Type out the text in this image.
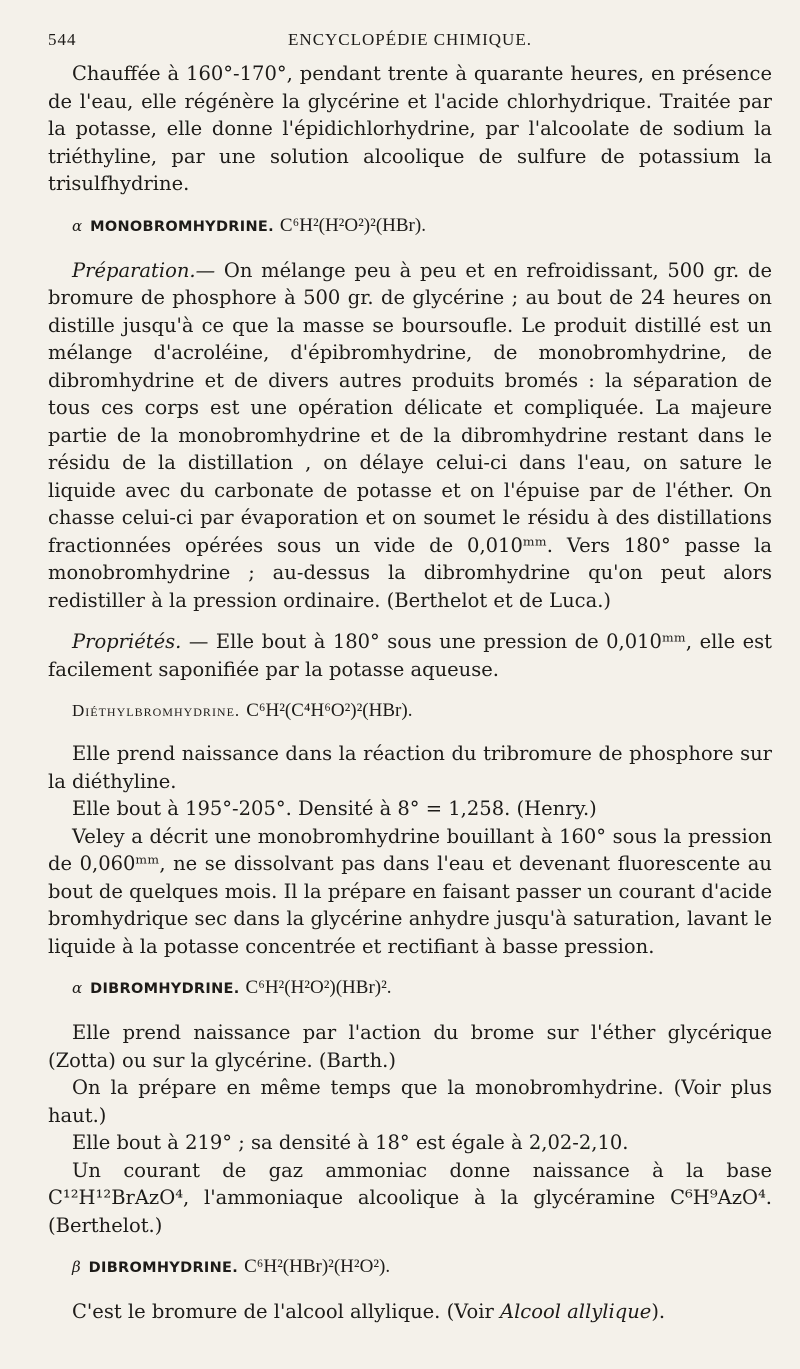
544	ENCYCLOPÉDIE CHIMIQUE.

Chauffée à 160°-170°, pendant trente à quarante heures, en présence de l'eau, elle régénère la glycérine et l'acide chlorhydrique. Traitée par la potasse, elle donne l'épidichlorhydrine, par l'alcoolate de sodium la triéthyline, par une solution alcoolique de sulfure de potassium la trisulfhydrine.

α MONOBROMHYDRINE. C⁶H²(H²O²)²(HBr).

Préparation.— On mélange peu à peu et en refroidissant, 500 gr. de bromure de phosphore à 500 gr. de glycérine ; au bout de 24 heures on distille jusqu'à ce que la masse se boursoufle. Le produit distillé est un mélange d'acroléine, d'épibromhydrine, de monobromhydrine, de dibromhydrine et de divers autres produits bromés : la séparation de tous ces corps est une opération délicate et compliquée. La majeure partie de la monobromhydrine et de la dibromhydrine restant dans le résidu de la distillation , on délaye celui-ci dans l'eau, on sature le liquide avec du carbonate de potasse et on l'épuise par de l'éther. On chasse celui-ci par évaporation et on soumet le résidu à des distillations fractionnées opérées sous un vide de 0,010ᵐᵐ. Vers 180° passe la monobromhydrine ; au-dessus la dibromhydrine qu'on peut alors redistiller à la pression ordinaire. (Berthelot et de Luca.)

Propriétés. — Elle bout à 180° sous une pression de 0,010ᵐᵐ, elle est facilement saponifiée par la potasse aqueuse.

Diéthylbromhydrine. C⁶H²(C⁴H⁶O²)²(HBr).

Elle prend naissance dans la réaction du tribromure de phosphore sur la diéthyline.

Elle bout à 195°-205°. Densité à 8° = 1,258. (Henry.)

Veley a décrit une monobromhydrine bouillant à 160° sous la pression de 0,060ᵐᵐ, ne se dissolvant pas dans l'eau et devenant fluorescente au bout de quelques mois. Il la prépare en faisant passer un courant d'acide bromhydrique sec dans la glycérine anhydre jusqu'à saturation, lavant le liquide à la potasse concentrée et rectifiant à basse pression.

α DIBROMHYDRINE. C⁶H²(H²O²)(HBr)².

Elle prend naissance par l'action du brome sur l'éther glycérique (Zotta) ou sur la glycérine. (Barth.)

On la prépare en même temps que la monobromhydrine. (Voir plus haut.)

Elle bout à 219° ; sa densité à 18° est égale à 2,02-2,10.

Un courant de gaz ammoniac donne naissance à la base C¹²H¹²BrAzO⁴, l'ammoniaque alcoolique à la glycéramine C⁶H⁹AzO⁴. (Berthelot.)

β DIBROMHYDRINE. C⁶H²(HBr)²(H²O²).

C'est le bromure de l'alcool allylique. (Voir Alcool allylique).
